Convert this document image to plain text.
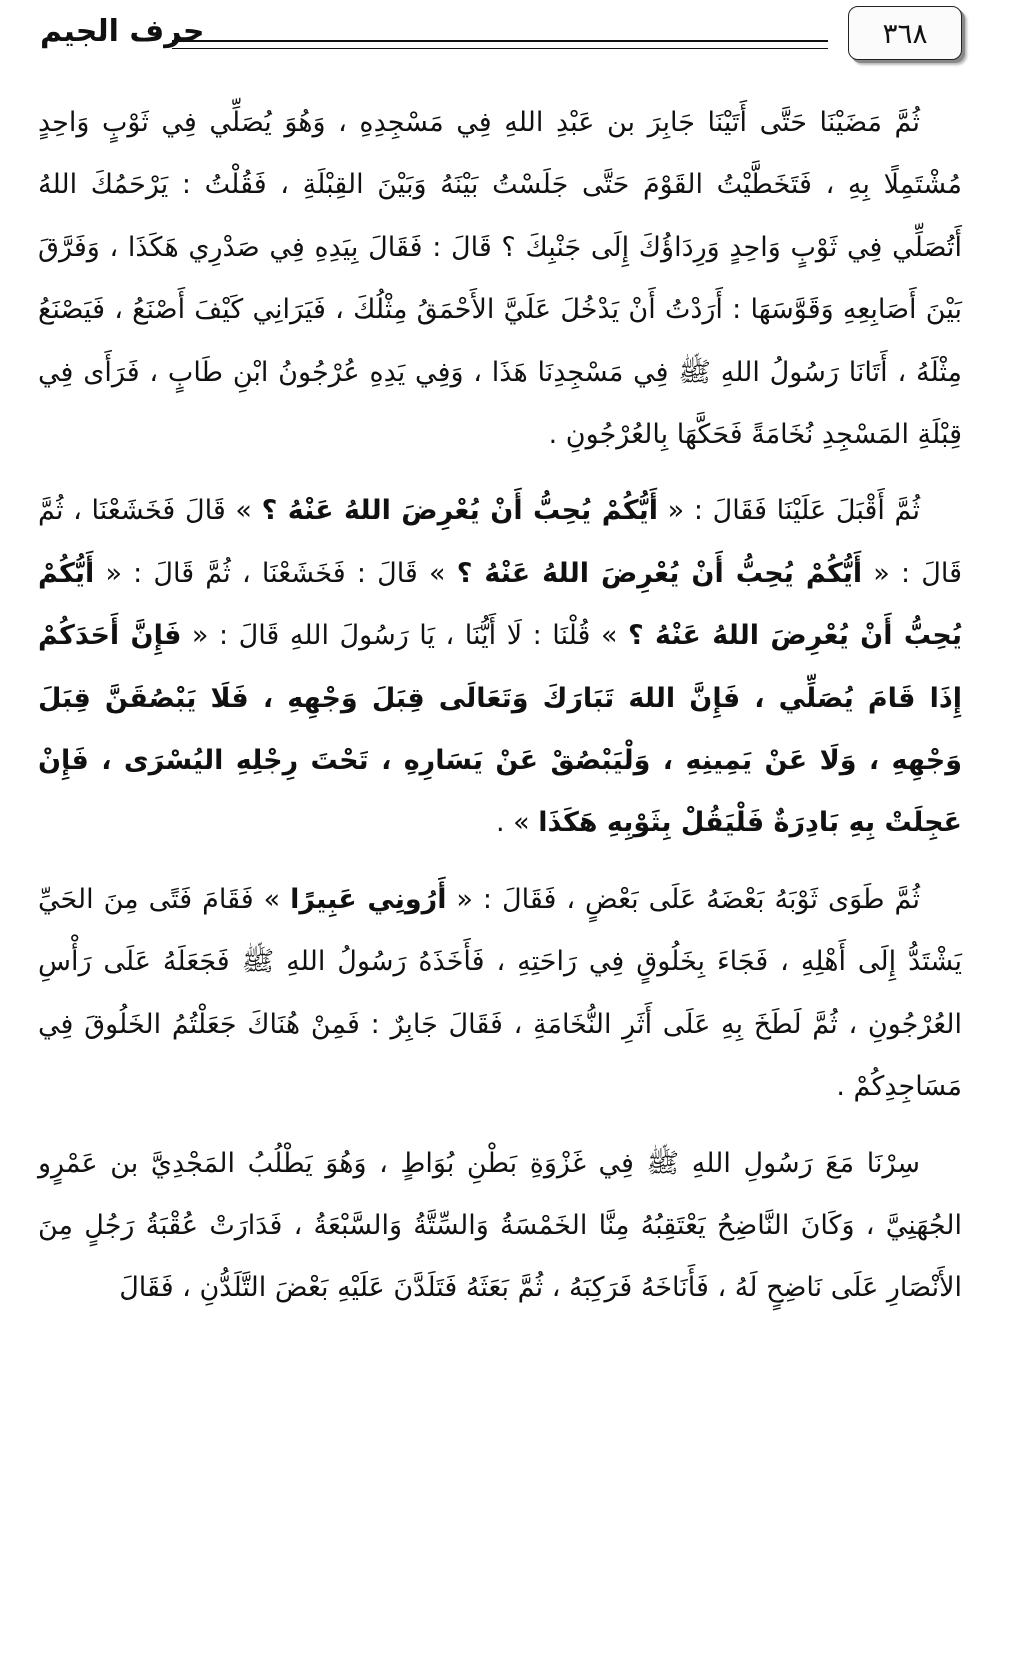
حرف الجيم	٣٦٨

ثُمَّ مَضَيْنَا حَتَّى أَتَيْنَا جَابِرَ بن عَبْدِ اللهِ فِي مَسْجِدِهِ ، وَهُوَ يُصَلِّي فِي ثَوْبٍ وَاحِدٍ مُشْتَمِلًا بِهِ ، فَتَخَطَّيْتُ القَوْمَ حَتَّى جَلَسْتُ بَيْنَهُ وَبَيْنَ القِبْلَةِ ، فَقُلْتُ : يَرْحَمُكَ اللهُ أَتُصَلِّي فِي ثَوْبٍ وَاحِدٍ وَرِدَاؤُكَ إِلَى جَنْبِكَ ؟ قَالَ : فَقَالَ بِيَدِهِ فِي صَدْرِي هَكَذَا ، وَفَرَّقَ بَيْنَ أَصَابِعِهِ وَقَوَّسَهَا : أَرَدْتُ أَنْ يَدْخُلَ عَلَيَّ الأَحْمَقُ مِثْلُكَ ، فَيَرَانِي كَيْفَ أَصْنَعُ ، فَيَصْنَعُ مِثْلَهُ ، أَتَانَا رَسُولُ اللهِ ﷺ فِي مَسْجِدِنَا هَذَا ، وَفِي يَدِهِ عُرْجُونُ ابْنِ طَابٍ ، فَرَأَى فِي قِبْلَةِ المَسْجِدِ نُخَامَةً فَحَكَّهَا بِالعُرْجُونِ .

ثُمَّ أَقْبَلَ عَلَيْنَا فَقَالَ : « أَيُّكُمْ يُحِبُّ أَنْ يُعْرِضَ اللهُ عَنْهُ ؟ » قَالَ فَخَشَعْنَا ، ثُمَّ قَالَ : « أَيُّكُمْ يُحِبُّ أَنْ يُعْرِضَ اللهُ عَنْهُ ؟ » قَالَ : فَخَشَعْنَا ، ثُمَّ قَالَ : « أَيُّكُمْ يُحِبُّ أَنْ يُعْرِضَ اللهُ عَنْهُ ؟ » قُلْنَا : لَا أَيُّنَا ، يَا رَسُولَ اللهِ قَالَ : « فَإِنَّ أَحَدَكُمْ إِذَا قَامَ يُصَلِّي ، فَإِنَّ اللهَ تَبَارَكَ وَتَعَالَى قِبَلَ وَجْهِهِ ، فَلَا يَبْصُقَنَّ قِبَلَ وَجْهِهِ ، وَلَا عَنْ يَمِينِهِ ، وَلْيَبْصُقْ عَنْ يَسَارِهِ ، تَحْتَ رِجْلِهِ اليُسْرَى ، فَإِنْ عَجِلَتْ بِهِ بَادِرَةٌ فَلْيَقُلْ بِثَوْبِهِ هَكَذَا » .

ثُمَّ طَوَى ثَوْبَهُ بَعْضَهُ عَلَى بَعْضٍ ، فَقَالَ : « أَرُونِي عَبِيرًا » فَقَامَ فَتًى مِنَ الحَيِّ يَشْتَدُّ إِلَى أَهْلِهِ ، فَجَاءَ بِخَلُوقٍ فِي رَاحَتِهِ ، فَأَخَذَهُ رَسُولُ اللهِ ﷺ فَجَعَلَهُ عَلَى رَأْسِ العُرْجُونِ ، ثُمَّ لَطَخَ بِهِ عَلَى أَثَرِ النُّخَامَةِ ، فَقَالَ جَابِرٌ : فَمِنْ هُنَاكَ جَعَلْتُمُ الخَلُوقَ فِي مَسَاجِدِكُمْ .

سِرْنَا مَعَ رَسُولِ اللهِ ﷺ فِي غَزْوَةِ بَطْنِ بُوَاطٍ ، وَهُوَ يَطْلُبُ المَجْدِيَّ بن عَمْرٍو الجُهَنِيَّ ، وَكَانَ النَّاضِحُ يَعْتَقِبُهُ مِنَّا الخَمْسَةُ وَالسِّتَّةُ وَالسَّبْعَةُ ، فَدَارَتْ عُقْبَةُ رَجُلٍ مِنَ الأَنْصَارِ عَلَى نَاضِحٍ لَهُ ، فَأَنَاخَهُ فَرَكِبَهُ ، ثُمَّ بَعَثَهُ فَتَلَدَّنَ عَلَيْهِ بَعْضَ التَّلَدُّنِ ، فَقَالَ
